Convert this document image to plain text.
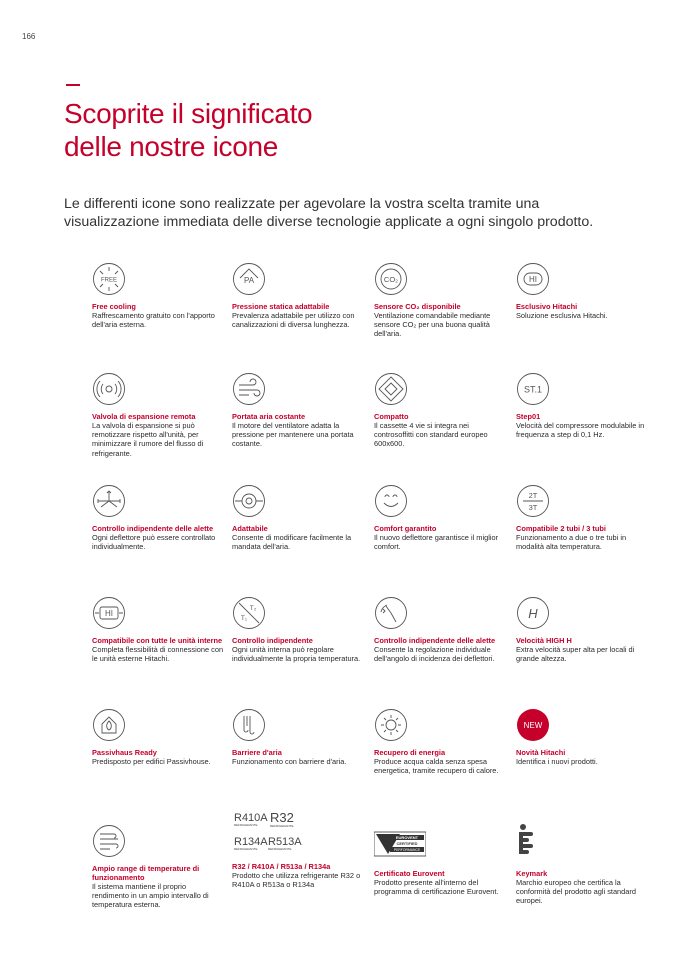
166
Scoprite il significato
delle nostre icone

Le differenti icone sono realizzate per agevolare la vostra scelta tramite una visualizzazione immediata delle diverse tecnologie applicate a ogni singolo prodotto.

FREE
Free cooling
Raffrescamento gratuito con l'apporto dell'aria esterna.
PA
Pressione statica adattabile
Prevalenza adattabile per utilizzo con canalizzazioni di diversa lunghezza.
CO₂
Sensore CO₂ disponibile
Ventilazione comandabile mediante sensore CO₂ per una buona qualità dell'aria.
HI
Esclusivo Hitachi
Soluzione esclusiva Hitachi.
Valvola di espansione remota
La valvola di espansione si può remotizzare rispetto all'unità, per minimizzare il rumore del flusso di refrigerante.
Portata aria costante
Il motore del ventilatore adatta la pressione per mantenere una portata costante.
Compatto
Il cassette 4 vie si integra nei controsoffitti con standard europeo 600x600.
ST.1
Step01
Velocità del compressore modulabile in frequenza a step di 0,1 Hz.
Controllo indipendente delle alette
Ogni deflettore può essere controllato individualmente.
Adattabile
Consente di modificare facilmente la mandata dell'aria.
Comfort garantito
Il nuovo deflettore garantisce il miglior comfort.
2T
3T
Compatibile 2 tubi / 3 tubi
Funzionamento a due o tre tubi in modalità alta temperatura.
HI
Compatibile con tutte le unità interne
Completa flessibilità di connessione con le unità esterne Hitachi.
T₂
T₁
Controllo indipendente
Ogni unità interna può regolare individualmente la propria temperatura.
Controllo indipendente delle alette
Consente la regolazione individuale dell'angolo di incidenza dei deflettori.
H
Velocità HIGH H
Extra velocità super alta per locali di grande altezza.
Passivhaus Ready
Predisposto per edifici Passivhouse.
Barriere d'aria
Funzionamento con barriere d'aria.
Recupero di energia
Produce acqua calda senza spesa energetica, tramite recupero di calore.
NEW
Novità Hitachi
Identifica i nuovi prodotti.
Ampio range di temperature di funzionamento
Il sistema mantiene il proprio rendimento in un ampio intervallo di temperatura esterna.
R410A
REFRIGERANTE R32
REFRIGERANTE
R134A
REFRIGERANTE
R513A
REFRIGERANTE
R32 / R410A / R513a / R134a
Prodotto che utilizza refrigerante R32 o R410A o R513a o R134a
EUROVENT
CERTIFIED
PERFORMANCE
Certificato Eurovent
Prodotto presente all'interno del programma di certificazione Eurovent.
Keymark
Marchio europeo che certifica la conformità del prodotto agli standard europei.
